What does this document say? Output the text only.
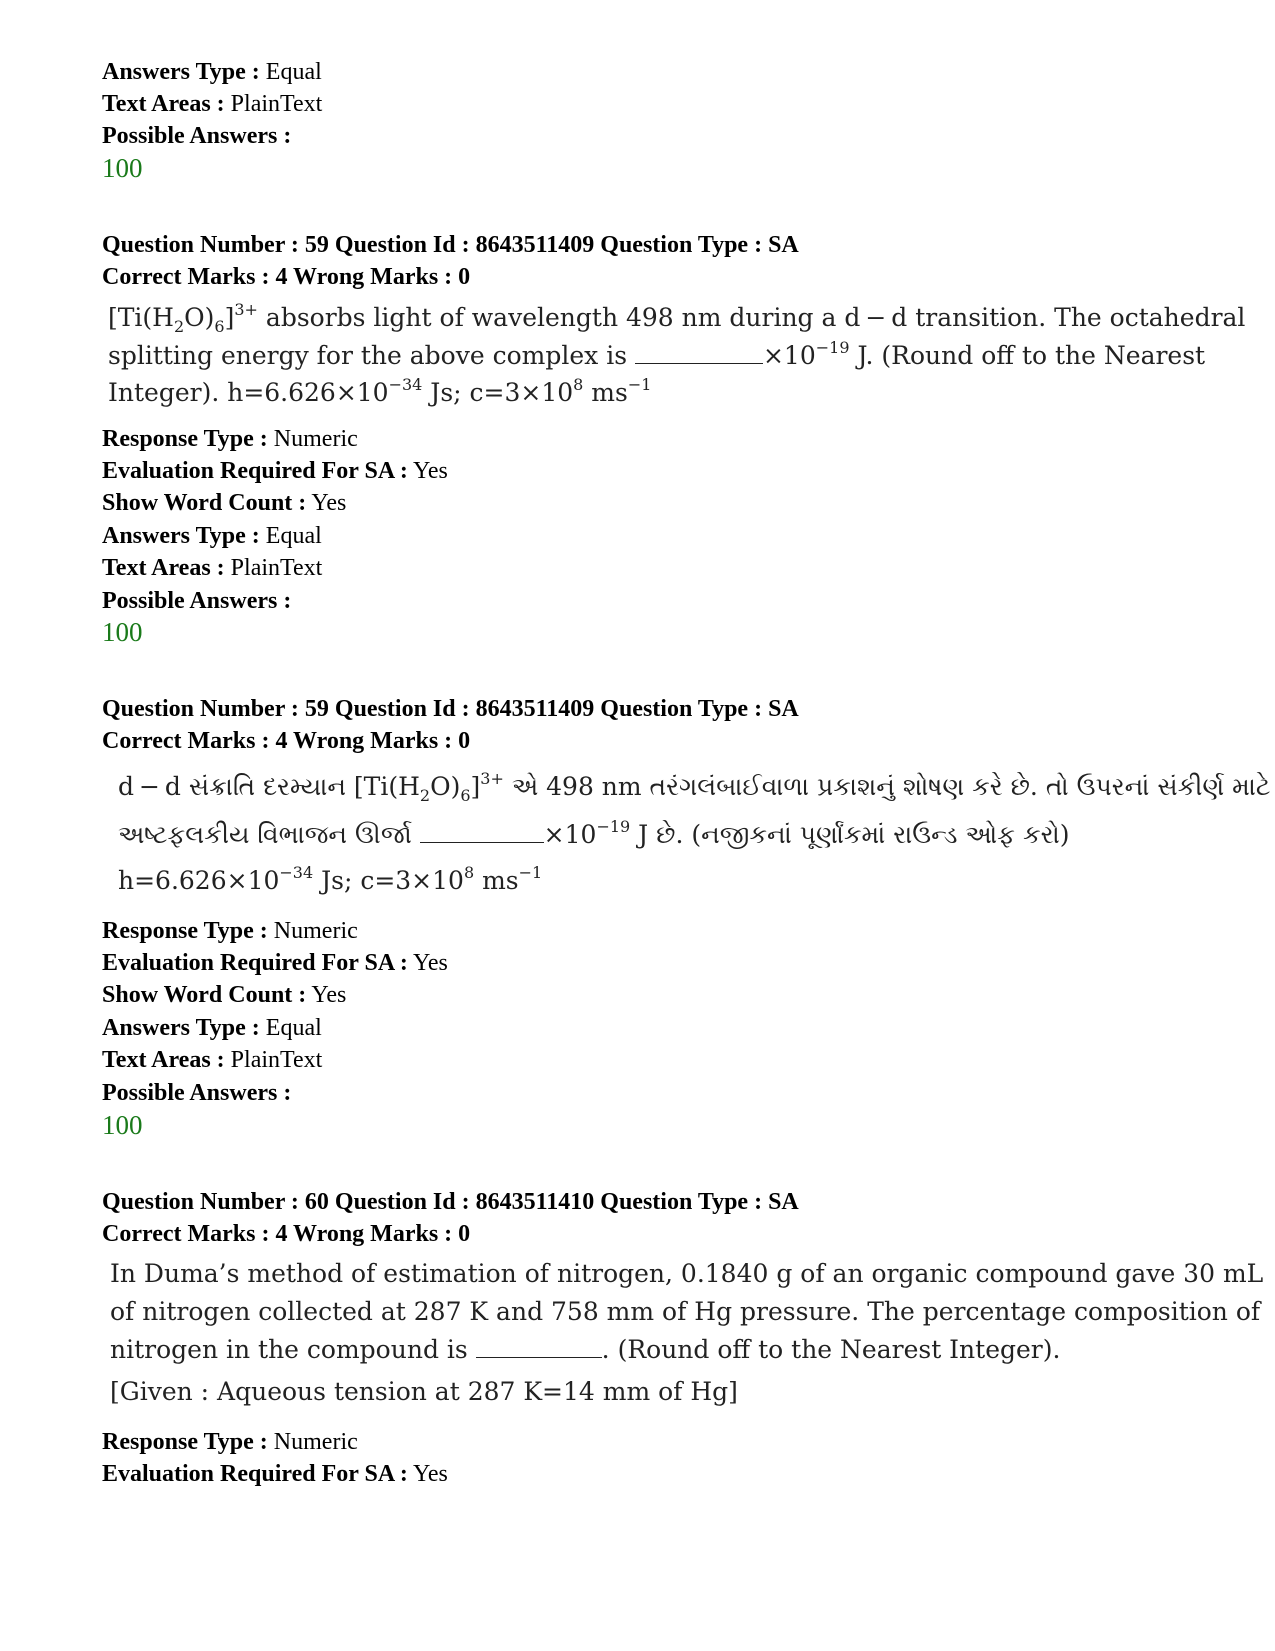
Answers Type : Equal
Text Areas : PlainText
Possible Answers :
100
Question Number : 59 Question Id : 8643511409 Question Type : SA
Correct Marks : 4 Wrong Marks : 0
$[Ti(H_2O)_6]^{3+}$ absorbs light of wavelength 498 nm during a d − d transition. The octahedral
splitting energy for the above complex is	$\times 10^{-19}$ J. (Round off to the Nearest
Integer). $h=6.626\times 10^{-34}$ Js; $c=3\times 10^8$ $ms^{-1}$
Response Type : Numeric
Evaluation Required For SA : Yes
Show Word Count : Yes
Answers Type : Equal
Text Areas : PlainText
Possible Answers :
100
Question Number : 59 Question Id : 8643511409 Question Type : SA
Correct Marks : 4 Wrong Marks : 0
d − d સંક્રાતિ દરમ્યાન $[Ti(H_2O)_6]^{3+}$ એ 498 nm તરંગલંબાઈવાળા પ્રકાશનું શોષણ કરે છે. તો ઉપરનાં સંકીર્ણ માટે
અષ્ટફલકીય વિભાજન ઊર્જા	$\times 10^{-19}$ J છે. (નજીકનાં પૂર્ણાંકમાં રાઉન્ડ ઓફ કરો)
$h=6.626\times 10^{-34}$ Js; $c=3\times 10^8$ $ms^{-1}$
Response Type : Numeric
Evaluation Required For SA : Yes
Show Word Count : Yes
Answers Type : Equal
Text Areas : PlainText
Possible Answers :
100
Question Number : 60 Question Id : 8643511410 Question Type : SA
Correct Marks : 4 Wrong Marks : 0
In Duma’s method of estimation of nitrogen, 0.1840 g of an organic compound gave 30 mL
of nitrogen collected at 287 K and 758 mm of Hg pressure. The percentage composition of
nitrogen in the compound is	. (Round off to the Nearest Integer).
[Given : Aqueous tension at 287 K=14 mm of Hg]
Response Type : Numeric
Evaluation Required For SA : Yes
